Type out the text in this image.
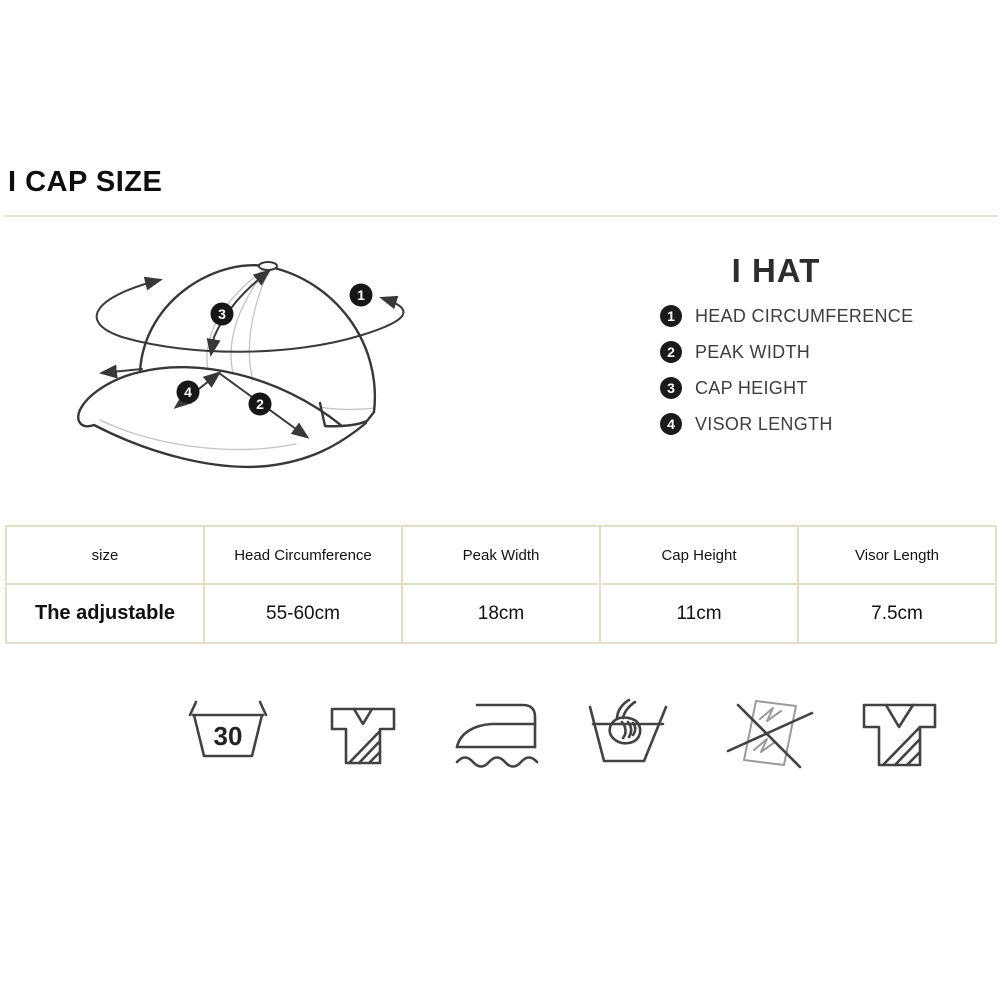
I CAP SIZE
1
2
3
4
I HAT
1	HEAD CIRCUMFERENCE
2	PEAK WIDTH
3	CAP HEIGHT
4	VISOR LENGTH
size	Head Circumference	Peak Width	Cap Height	Visor Length
The adjustable	55-60cm	18cm	11cm	7.5cm
30
